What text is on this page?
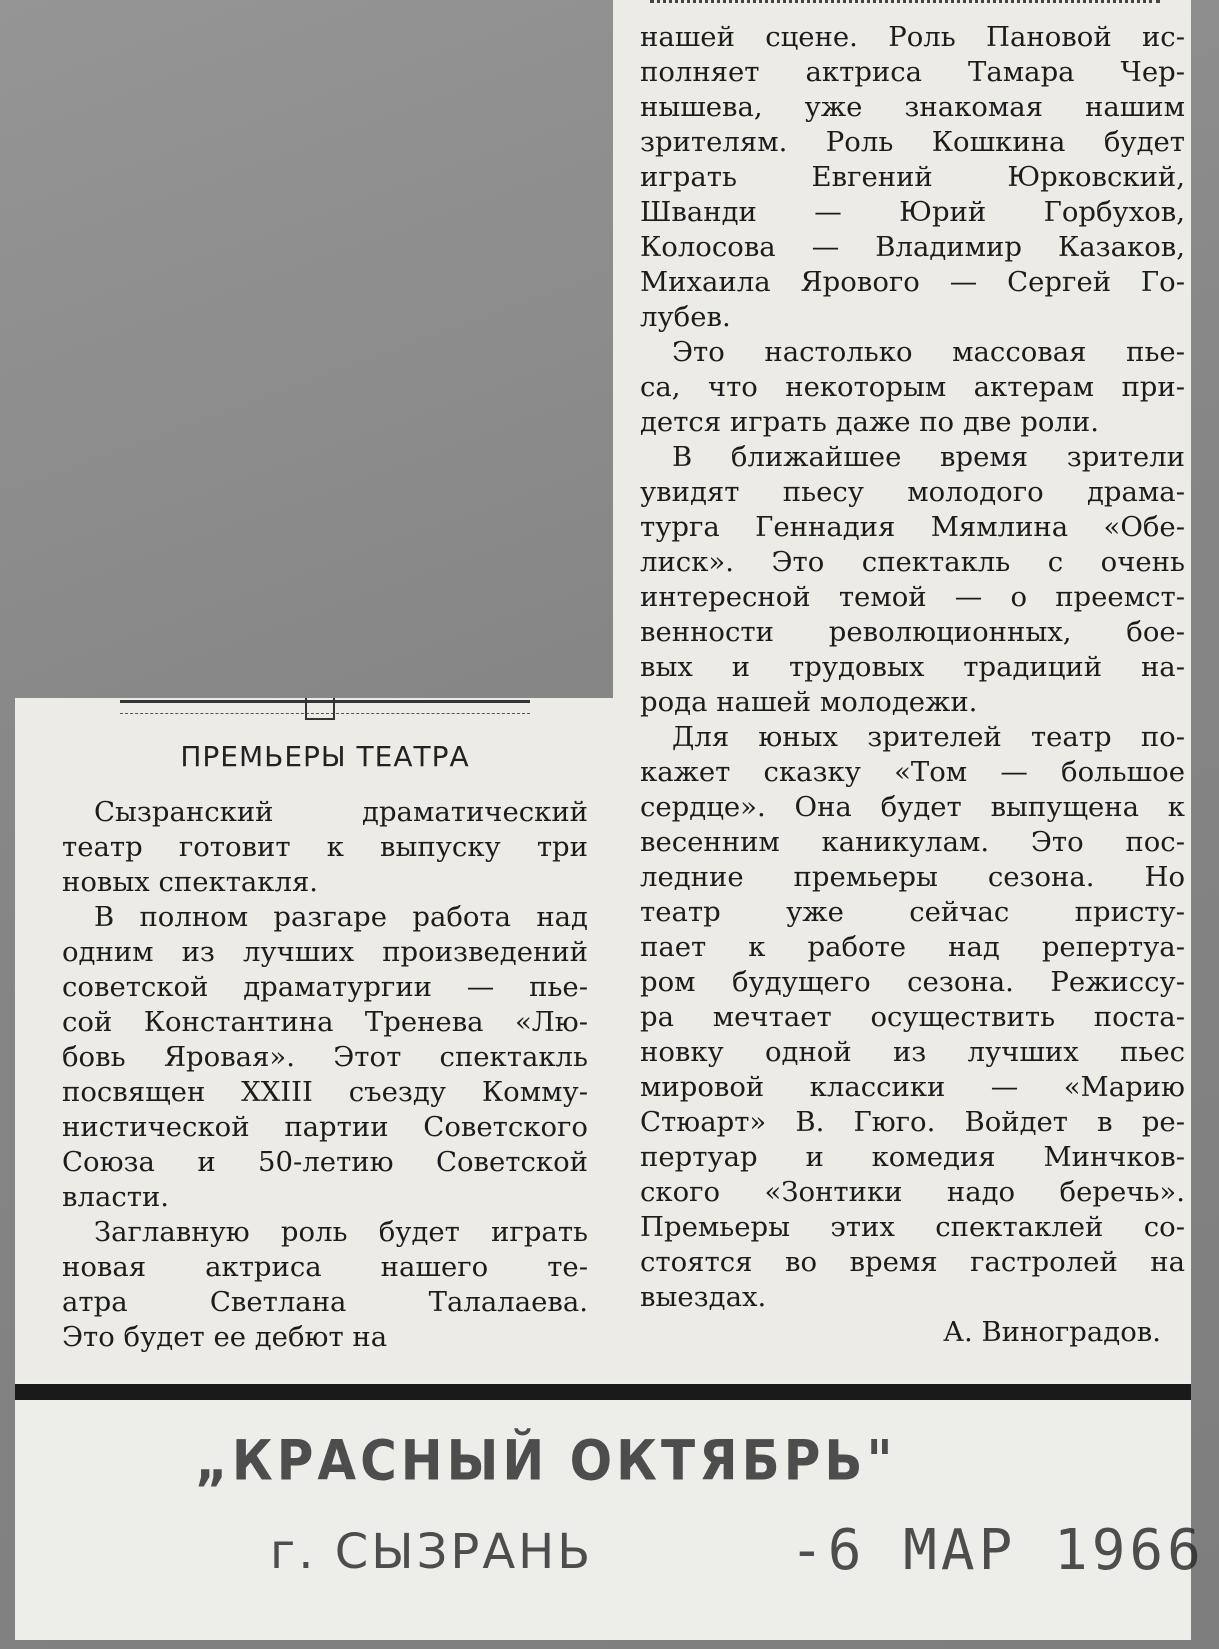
ПРЕМЬЕРЫ ТЕАТРА

Сызранский драматический

театр готовит к выпуску три

новых спектакля.

В полном разгаре работа над

одним из лучших произведений

советской драматургии — пье-

сой Константина Тренева «Лю-

бовь Яровая». Этот спектакль

посвящен XXIII съезду Комму-

нистической партии Советского

Союза и 50-летию Советской

власти.

Заглавную роль будет играть

новая актриса нашего те-

атра Светлана Талалаева.

Это будет ее дебют на

нашей сцене. Роль Пановой ис-

полняет актриса Тамара Чер-

нышева, уже знакомая нашим

зрителям. Роль Кошкина будет

играть Евгений Юрковский,

Шванди — Юрий Горбухов,

Колосова — Владимир Казаков,

Михаила Ярового — Сергей Го-

лубев.

Это настолько массовая пье-

са, что некоторым актерам при-

дется играть даже по две роли.

В ближайшее время зрители

увидят пьесу молодого драма-

турга Геннадия Мямлина «Обе-

лиск». Это спектакль с очень

интересной темой — о преемст-

венности революционных, бое-

вых и трудовых традиций на-

рода нашей молодежи.

Для юных зрителей театр по-

кажет сказку «Том — большое

сердце». Она будет выпущена к

весенним каникулам. Это пос-

ледние премьеры сезона. Но

театр уже сейчас присту-

пает к работе над репертуа-

ром будущего сезона. Режиссу-

ра мечтает осуществить поста-

новку одной из лучших пьес

мировой классики — «Марию

Стюарт» В. Гюго. Войдет в ре-

пертуар и комедия Минчков-

ского «Зонтики надо беречь».

Премьеры этих спектаклей со-

стоятся во время гастролей на

выездах.

А. Виноградов.

„КРАСНЫЙ ОКТЯБРЬ"
г. СЫЗРАНЬ	-6 МАР 1966
